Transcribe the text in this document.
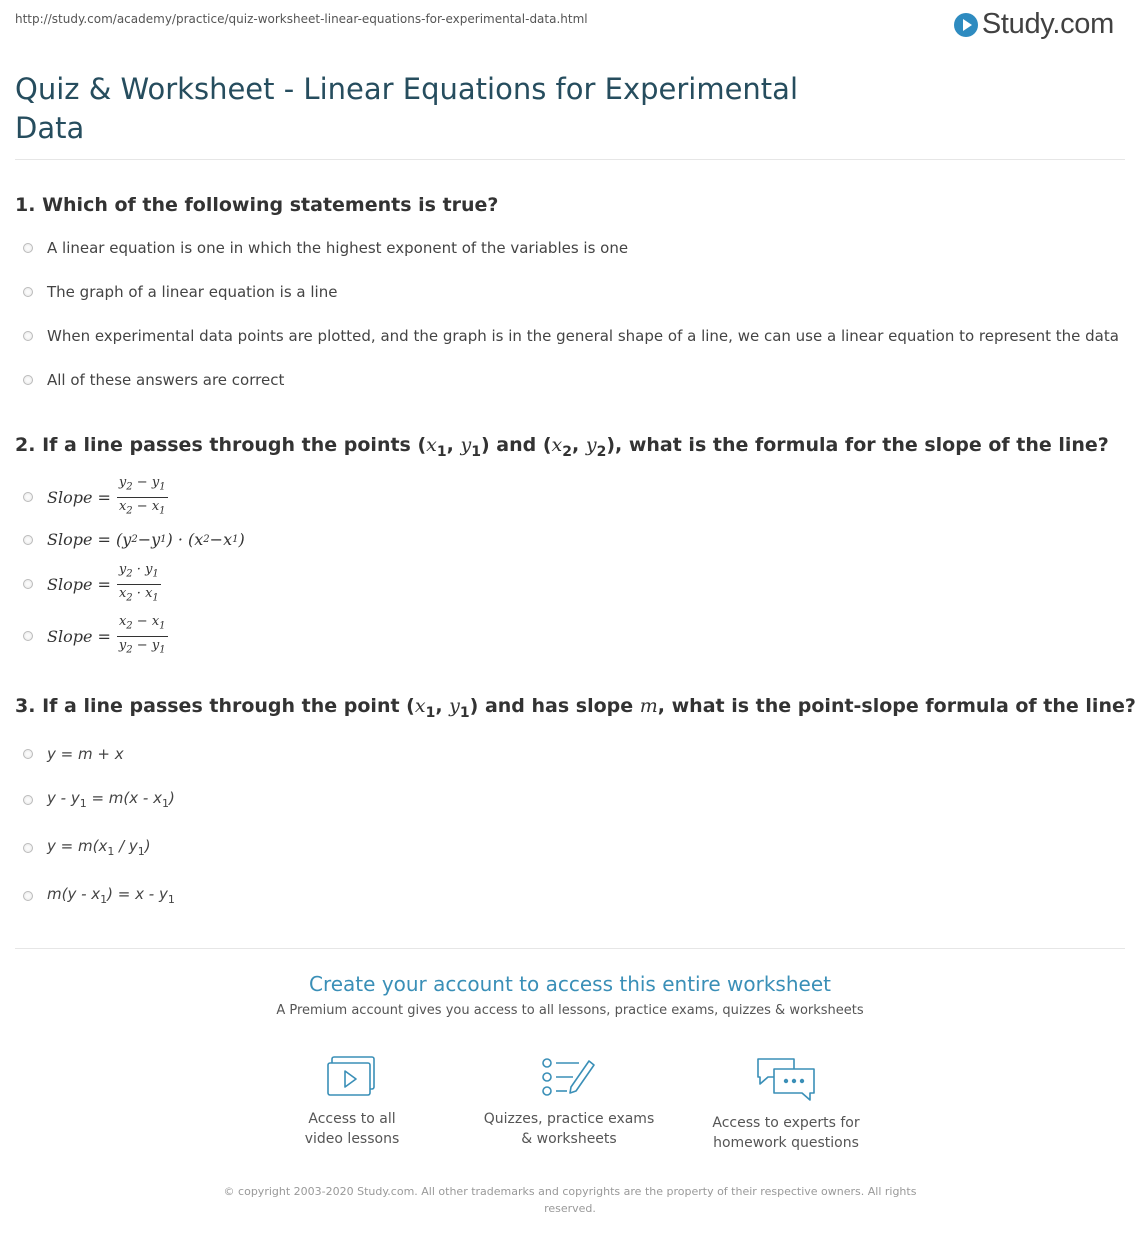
http://study.com/academy/practice/quiz-worksheet-linear-equations-for-experimental-data.html	Study.com
Quiz & Worksheet - Linear Equations for Experimental Data
1. Which of the following statements is true?
A linear equation is one in which the highest exponent of the variables is one
The graph of a linear equation is a line
When experimental data points are plotted, and the graph is in the general shape of a line, we can use a linear equation to represent the data
All of these answers are correct
2. If a line passes through the points ($x_1$, $y_1$) and ($x_2$, $y_2$), what is the formula for the slope of the line?
Slope = $\frac{y_2 - y_1}{x_2 - x_1}$
Slope =
( y 2 − y 1 ) · ( x 2 − x 1 )
Slope = $\frac{y_2 \cdot y_1}{x_2 \cdot x_1}$
Slope = $\frac{x_2 - x_1}{y_2 - y_1}$
3. If a line passes through the point ($x_1$, $y_1$) and has slope m, what is the point-slope formula of the line?
y = m + x
$y - y_1 = m(x - x_1)$
$y = m(x_1 / y_1)$
$m(y - x_1) = x - y_1$
Create your account to access this entire worksheet
A Premium account gives you access to all lessons, practice exams, quizzes & worksheets
Access to all
video lessons
Quizzes, practice exams
& worksheets
Access to experts for
homework questions
© copyright 2003-2020 Study.com. All other trademarks and copyrights are the property of their respective owners. All rights reserved.
